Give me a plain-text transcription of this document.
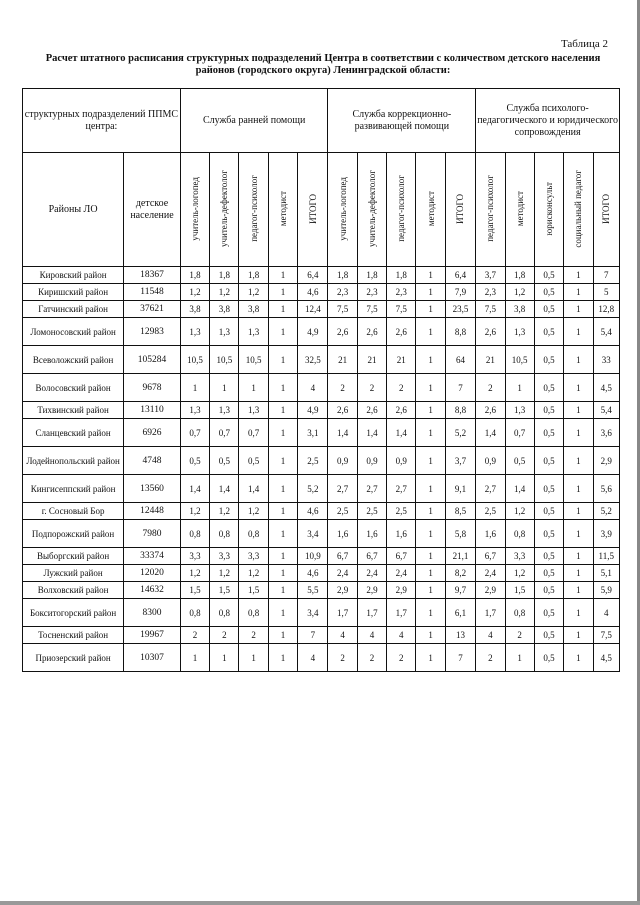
Таблица 2
Расчет штатного расписания структурных подразделений Центра в соответствии с количеством детского населения районов (городского округа) Ленинградской области:
структурных подразделений ППМС центра:		Служба ранней помощи					Служба коррекционно-развивающей помощи					Служба психолого-педагогического и юридического сопровождения				
Районы ЛО	детское население	учитель-логопед	учитель-дефектолог	педагог-психолог	методист	ИТОГО	учитель-логопед	учитель-дефектолог	педагог-психолог	методист	ИТОГО	педагог-психолог	методист	юрисконсульт	социальный педагог	ИТОГО
Кировский район	18367	1,8	1,8	1,8	1	6,4	1,8	1,8	1,8	1	6,4	3,7	1,8	0,5	1	7
Киришский район	11548	1,2	1,2	1,2	1	4,6	2,3	2,3	2,3	1	7,9	2,3	1,2	0,5	1	5
Гатчинский район	37621	3,8	3,8	3,8	1	12,4	7,5	7,5	7,5	1	23,5	7,5	3,8	0,5	1	12,8
Ломоносовский район	12983	1,3	1,3	1,3	1	4,9	2,6	2,6	2,6	1	8,8	2,6	1,3	0,5	1	5,4
Всеволожский район	105284	10,5	10,5	10,5	1	32,5	21	21	21	1	64	21	10,5	0,5	1	33
Волосовский район	9678	1	1	1	1	4	2	2	2	1	7	2	1	0,5	1	4,5
Тихвинский район	13110	1,3	1,3	1,3	1	4,9	2,6	2,6	2,6	1	8,8	2,6	1,3	0,5	1	5,4
Сланцевский район	6926	0,7	0,7	0,7	1	3,1	1,4	1,4	1,4	1	5,2	1,4	0,7	0,5	1	3,6
Лодейнопольский район	4748	0,5	0,5	0,5	1	2,5	0,9	0,9	0,9	1	3,7	0,9	0,5	0,5	1	2,9
Кингисеппский район	13560	1,4	1,4	1,4	1	5,2	2,7	2,7	2,7	1	9,1	2,7	1,4	0,5	1	5,6
г. Сосновый Бор	12448	1,2	1,2	1,2	1	4,6	2,5	2,5	2,5	1	8,5	2,5	1,2	0,5	1	5,2
Подпорожский район	7980	0,8	0,8	0,8	1	3,4	1,6	1,6	1,6	1	5,8	1,6	0,8	0,5	1	3,9
Выборгский район	33374	3,3	3,3	3,3	1	10,9	6,7	6,7	6,7	1	21,1	6,7	3,3	0,5	1	11,5
Лужский район	12020	1,2	1,2	1,2	1	4,6	2,4	2,4	2,4	1	8,2	2,4	1,2	0,5	1	5,1
Волховский район	14632	1,5	1,5	1,5	1	5,5	2,9	2,9	2,9	1	9,7	2,9	1,5	0,5	1	5,9
Бокситогорский район	8300	0,8	0,8	0,8	1	3,4	1,7	1,7	1,7	1	6,1	1,7	0,8	0,5	1	4
Тосненский район	19967	2	2	2	1	7	4	4	4	1	13	4	2	0,5	1	7,5
Приозерский район	10307	1	1	1	1	4	2	2	2	1	7	2	1	0,5	1	4,5
